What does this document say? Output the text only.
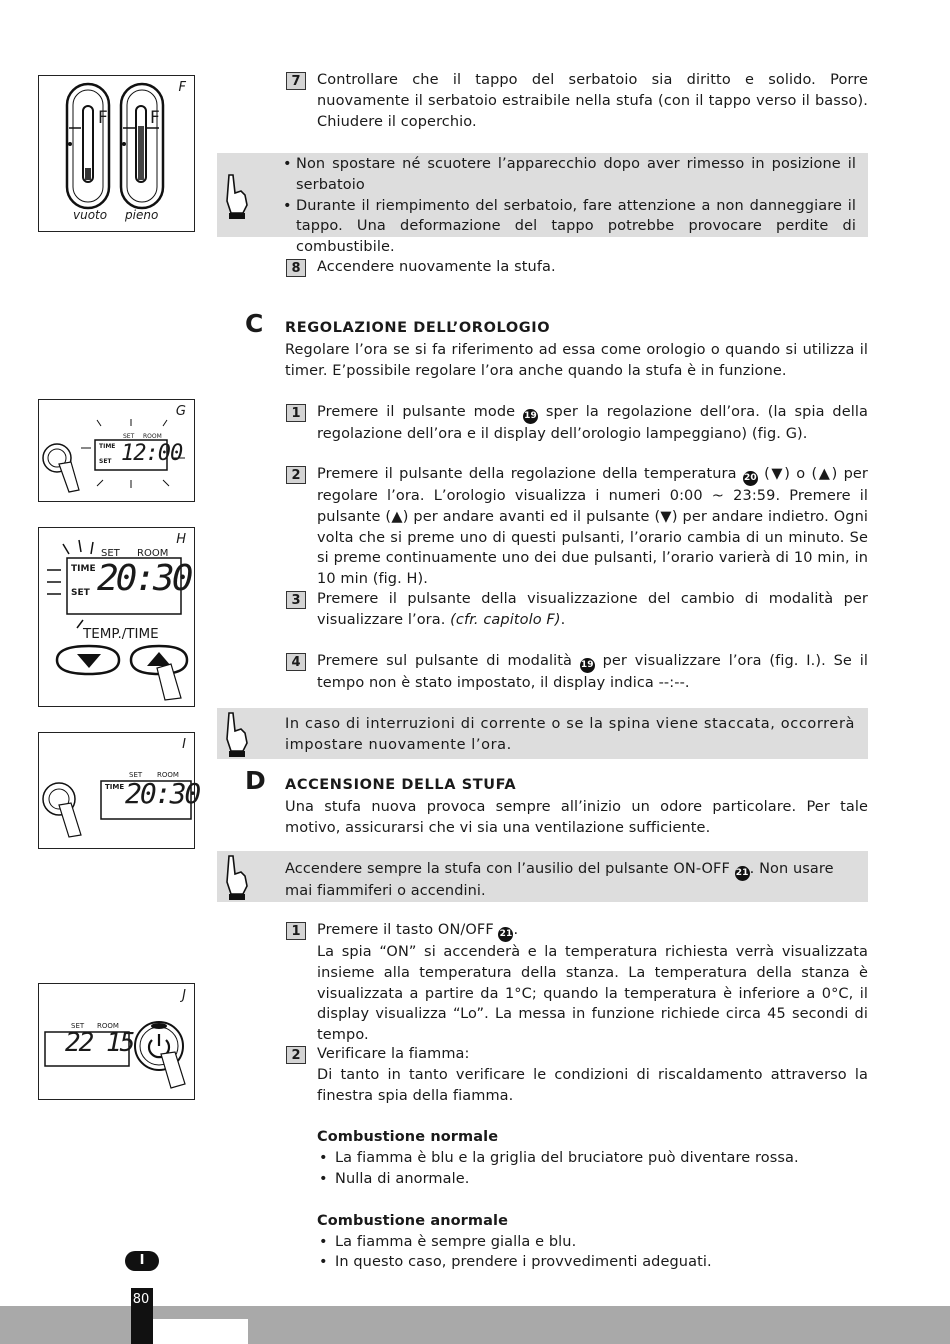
F
F F
vuoto pieno
G
SET ROOM
TIME
SET 12:00
H
SET ROOM
TIME
SET 20:30
TEMP./TIME
I
SET ROOM
TIME 20:30
J
SET ROOM
22 15
7	Controllare che il tappo del serbatoio sia diritto e solido. Porre nuovamente il serbatoio estraibile nella stufa (con il tappo verso il basso). Chiudere il coperchio.
• Non spostare né scuotere l’apparecchio dopo aver rimesso in posizione il serbatoio
• Durante il riempimento del serbatoio, fare attenzione a non danneggiare il tappo. Una deformazione del tappo potrebbe provocare perdite di combustibile.
8	Accendere nuovamente la stufa.
C REGOLAZIONE DELL’OROLOGIO
Regolare l’ora se si fa riferimento ad essa come orologio o quando si utilizza il timer. E’possibile regolare l’ora anche quando la stufa è in funzione.
1	Premere il pulsante mode 19 sper la regolazione dell’ora. (la spia della regolazione dell’ora e il display dell’orologio lampeggiano) (fig. G).
2	Premere il pulsante della regolazione della temperatura 20 (▼) o (▲) per regolare l’ora. L’orologio visualizza i numeri 0:00 ~ 23:59. Premere il pulsante (▲) per andare avanti ed il pulsante (▼) per andare indietro. Ogni volta che si preme uno di questi pulsanti, l’orario cambia di un minuto. Se si preme continuamente uno dei due pulsanti, l’orario varierà di 10 min, in 10 min (fig. H).
3	Premere il pulsante della visualizzazione del cambio di modalità per visualizzare l’ora. (cfr. capitolo F).
4	Premere sul pulsante di modalità 19 per visualizzare l’ora (fig. I.). Se il tempo non è stato impostato, il display indica --:--.
In caso di interruzioni di corrente o se la spina viene staccata, occorrerà impostare nuovamente l’ora.
D ACCENSIONE DELLA STUFA
Una stufa nuova provoca sempre all’inizio un odore particolare. Per tale motivo, assicurarsi che vi sia una ventilazione sufficiente.
Accendere sempre la stufa con l’ausilio del pulsante ON-OFF 21. Non usare mai fiammiferi o accendini.
1	Premere il tasto ON/OFF 21.
La spia “ON” si accenderà e la temperatura richiesta verrà visualizzata insieme alla temperatura della stanza. La temperatura della stanza è visualizzata a partire da 1°C; quando la temperatura è inferiore a 0°C, il display visualizza “Lo”. La messa in funzione richiede circa 45 secondi di tempo.
2	Verificare la fiamma:
Di tanto in tanto verificare le condizioni di riscaldamento attraverso la finestra spia della fiamma.
Combustione normale
• La fiamma è blu e la griglia del bruciatore può diventare rossa.
• Nulla di anormale.
Combustione anormale
• La fiamma è sempre gialla e blu.
• In questo caso, prendere i provvedimenti adeguati.
I
80
